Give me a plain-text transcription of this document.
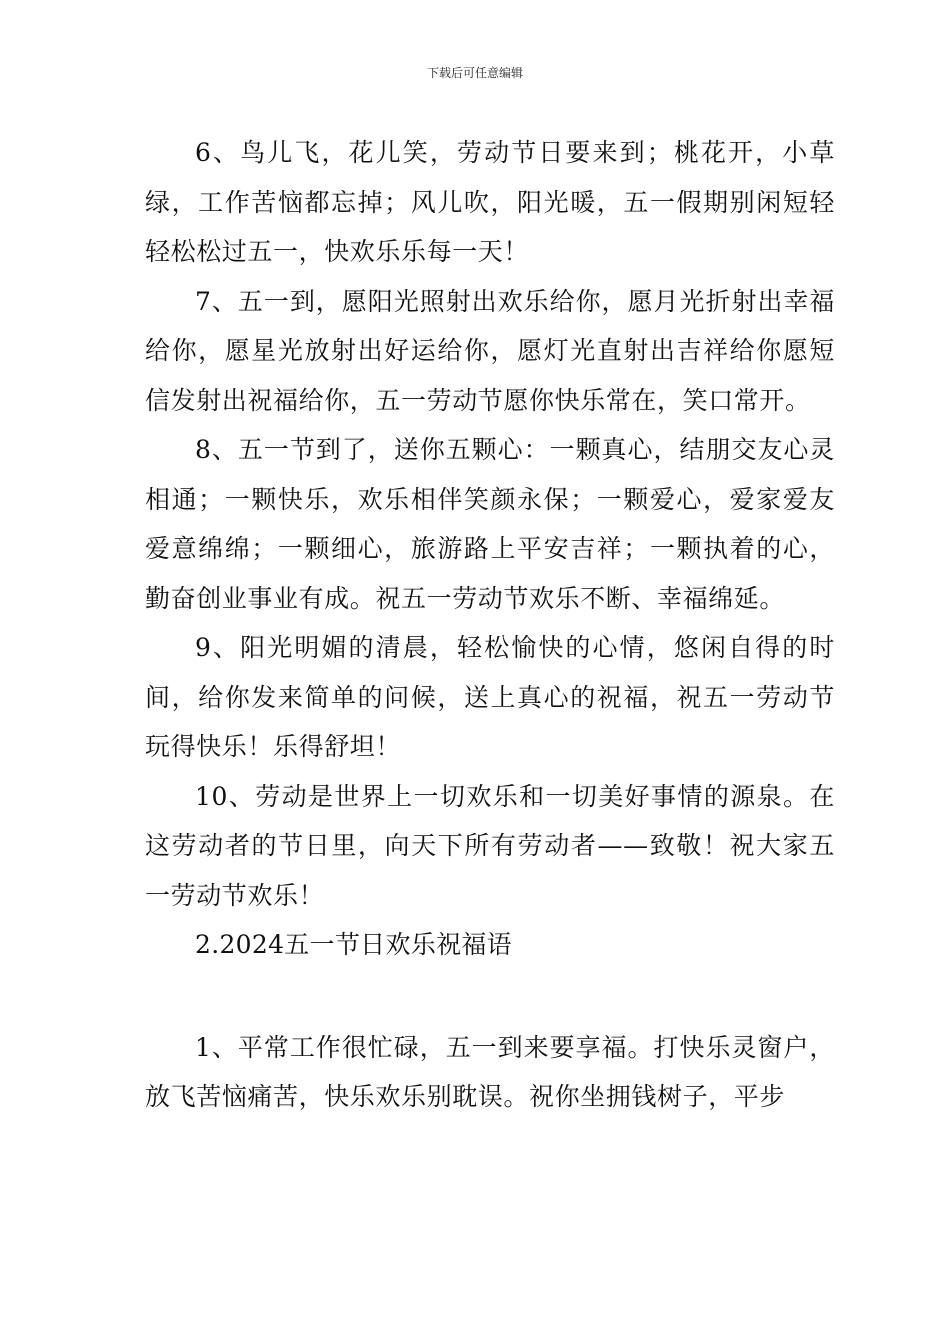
下载后可任意编辑

6、鸟儿飞，花儿笑，劳动节日要来到；桃花开，小草绿，工作苦恼都忘掉；风儿吹，阳光暖，五一假期别闲短轻轻松松过五一，快欢乐乐每一天！

7、五一到，愿阳光照射出欢乐给你，愿月光折射出幸福给你，愿星光放射出好运给你，愿灯光直射出吉祥给你愿短信发射出祝福给你，五一劳动节愿你快乐常在，笑口常开。

8、五一节到了，送你五颗心：一颗真心，结朋交友心灵相通；一颗快乐，欢乐相伴笑颜永保；一颗爱心，爱家爱友爱意绵绵；一颗细心，旅游路上平安吉祥；一颗执着的心，勤奋创业事业有成。祝五一劳动节欢乐不断、幸福绵延。

9、阳光明媚的清晨，轻松愉快的心情，悠闲自得的时间，给你发来简单的问候，送上真心的祝福，祝五一劳动节玩得快乐！乐得舒坦！

10、劳动是世界上一切欢乐和一切美好事情的源泉。在这劳动者的节日里，向天下所有劳动者——致敬！祝大家五一劳动节欢乐！

2.2024五一节日欢乐祝福语

1、平常工作很忙碌，五一到来要享福。打快乐灵窗户，放飞苦恼痛苦，快乐欢乐别耽误。祝你坐拥钱树子，平步
